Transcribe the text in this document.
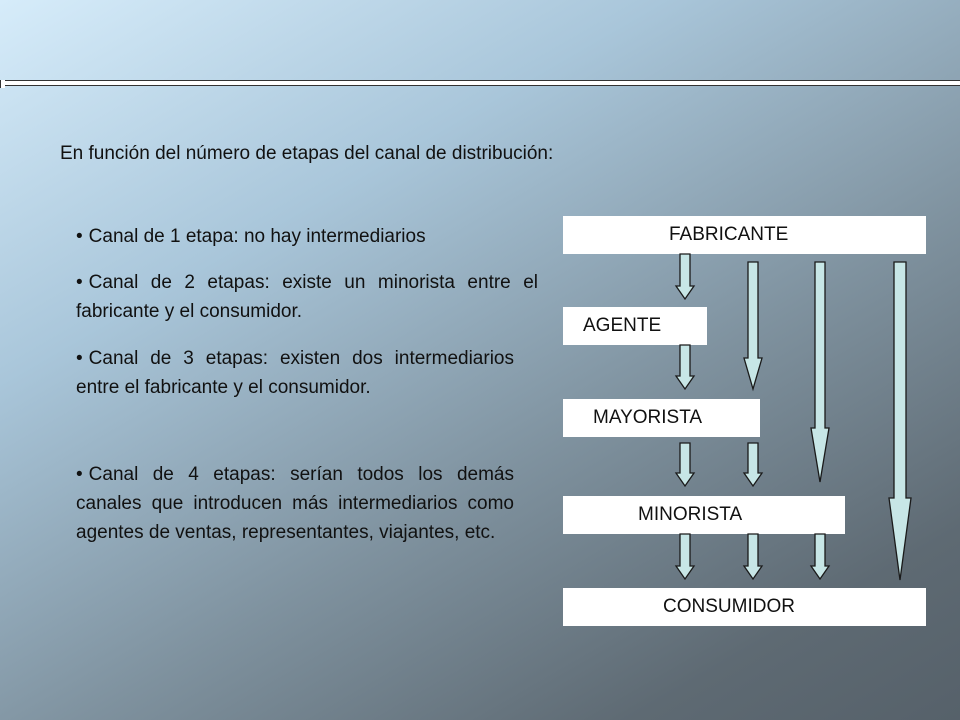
En función del número de etapas del canal de distribución:
• Canal de 1 etapa: no hay intermediarios
• Canal de 2 etapas: existe un minorista entre el fabricante y el consumidor.
• Canal de 3 etapas: existen dos intermediarios entre el fabricante y el consumidor.
• Canal de 4 etapas: serían todos los demás canales que introducen más intermediarios como agentes de ventas, representantes, viajantes, etc.
FABRICANTE
AGENTE
MAYORISTA
MINORISTA
CONSUMIDOR
